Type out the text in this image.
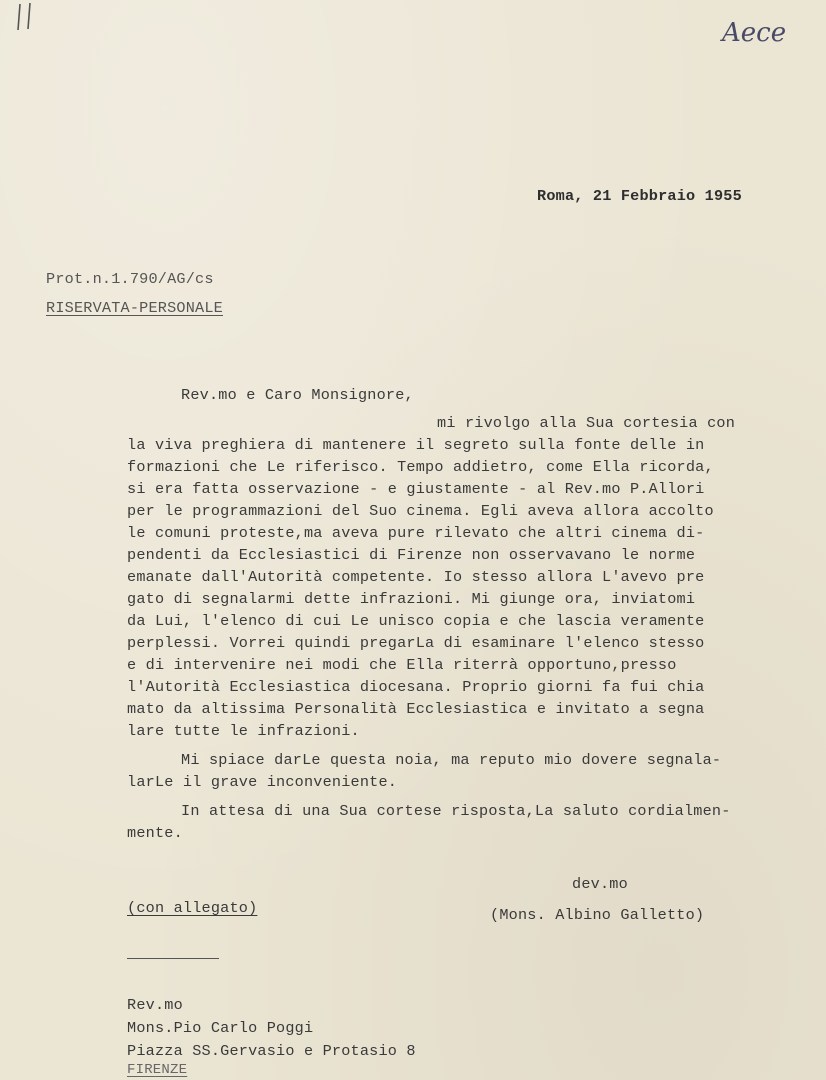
Aece
Roma, 21 Febbraio 1955
Prot.n.1.790/AG/cs
RISERVATA-PERSONALE
Rev.mo e Caro Monsignore,
mi rivolgo alla Sua cortesia con
la viva preghiera di mantenere il segreto sulla fonte delle in
formazioni che Le riferisco. Tempo addietro, come Ella ricorda,
si era fatta osservazione - e giustamente - al Rev.mo P.Allori
per le programmazioni del Suo cinema. Egli aveva allora accolto
le comuni proteste,ma aveva pure rilevato che altri cinema di-
pendenti da Ecclesiastici di Firenze non osservavano le norme
emanate dall'Autorità competente. Io stesso allora L'avevo pre
gato di segnalarmi dette infrazioni. Mi giunge ora, inviatomi
da Lui, l'elenco di cui Le unisco copia e che lascia veramente
perplessi. Vorrei quindi pregarLa di esaminare l'elenco stesso
e di intervenire nei modi che Ella riterrà opportuno,presso
l'Autorità Ecclesiastica diocesana. Proprio giorni fa fui chia
mato da altissima Personalità Ecclesiastica e invitato a segna
lare tutte le infrazioni.
Mi spiace darLe questa noia, ma reputo mio dovere segnala-
larLe il grave inconveniente.
In attesa di una Sua cortese risposta,La saluto cordialmen-
mente.
dev.mo
(con allegato)	(Mons. Albino Galletto)
Rev.mo
Mons.Pio Carlo Poggi
Piazza SS.Gervasio e Protasio 8
FIRENZE
